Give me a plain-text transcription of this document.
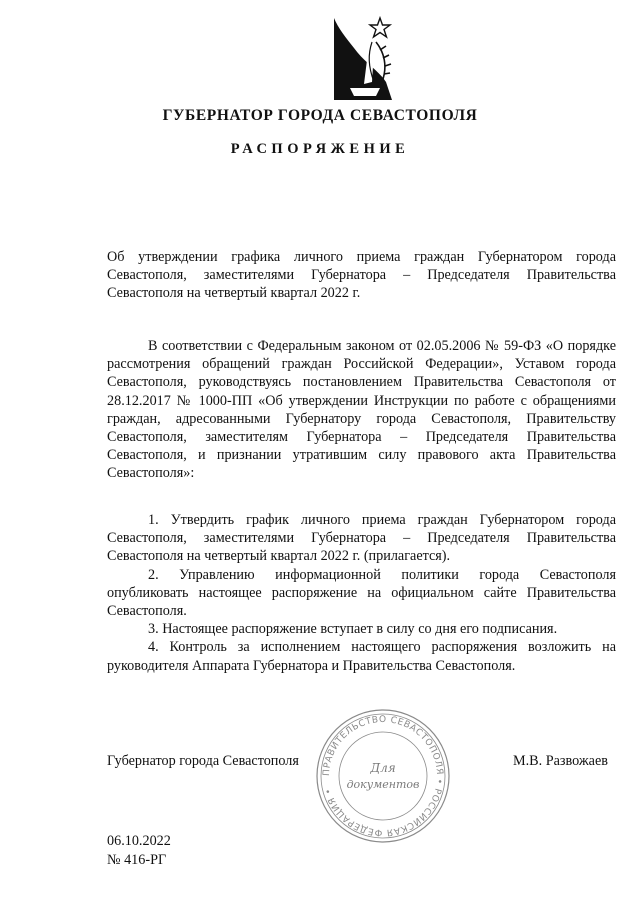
ГУБЕРНАТОР ГОРОДА СЕВАСТОПОЛЯ
РАСПОРЯЖЕНИЕ
Об утверждении графика личного приема граждан Губернатором города Севастополя, заместителями Губернатора – Председателя Правительства Севастополя на четвертый квартал 2022 г.
В соответствии с Федеральным законом от 02.05.2006 № 59-ФЗ «О порядке рассмотрения обращений граждан Российской Федерации», Уставом города Севастополя, руководствуясь постановлением Правительства Севастополя от 28.12.2017 № 1000-ПП «Об утверждении Инструкции по работе с обращениями граждан, адресованными Губернатору города Севастополя, Правительству Севастополя, заместителям Губернатора – Председателя Правительства Севастополя, и признании утратившим силу правового акта Правительства Севастополя»:

1. Утвердить график личного приема граждан Губернатором города Севастополя, заместителями Губернатора – Председателя Правительства Севастополя на четвертый квартал 2022 г. (прилагается).

2. Управлению информационной политики города Севастополя опубликовать настоящее распоряжение на официальном сайте Правительства Севастополя.

3. Настоящее распоряжение вступает в силу со дня его подписания.

4. Контроль за исполнением настоящего распоряжения возложить на руководителя Аппарата Губернатора и Правительства Севастополя.

ПРАВИТЕЛЬСТВО СЕВАСТОПОЛЯ • РОССИЙСКАЯ ФЕДЕРАЦИЯ •
Для
документов
Губернатор города Севастополя	М.В. Развожаев
06.10.2022
№ 416-РГ
